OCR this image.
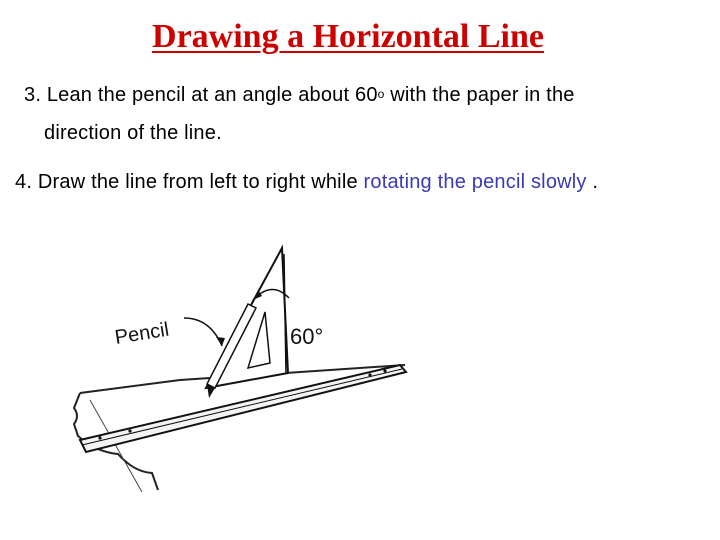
Drawing a Horizontal Line
3. Lean the pencil at an angle about 60$^o$ with the paper in the
direction of the line.
4. Draw the line from left to right while rotating the pencil slowly .
Pencil	60°
